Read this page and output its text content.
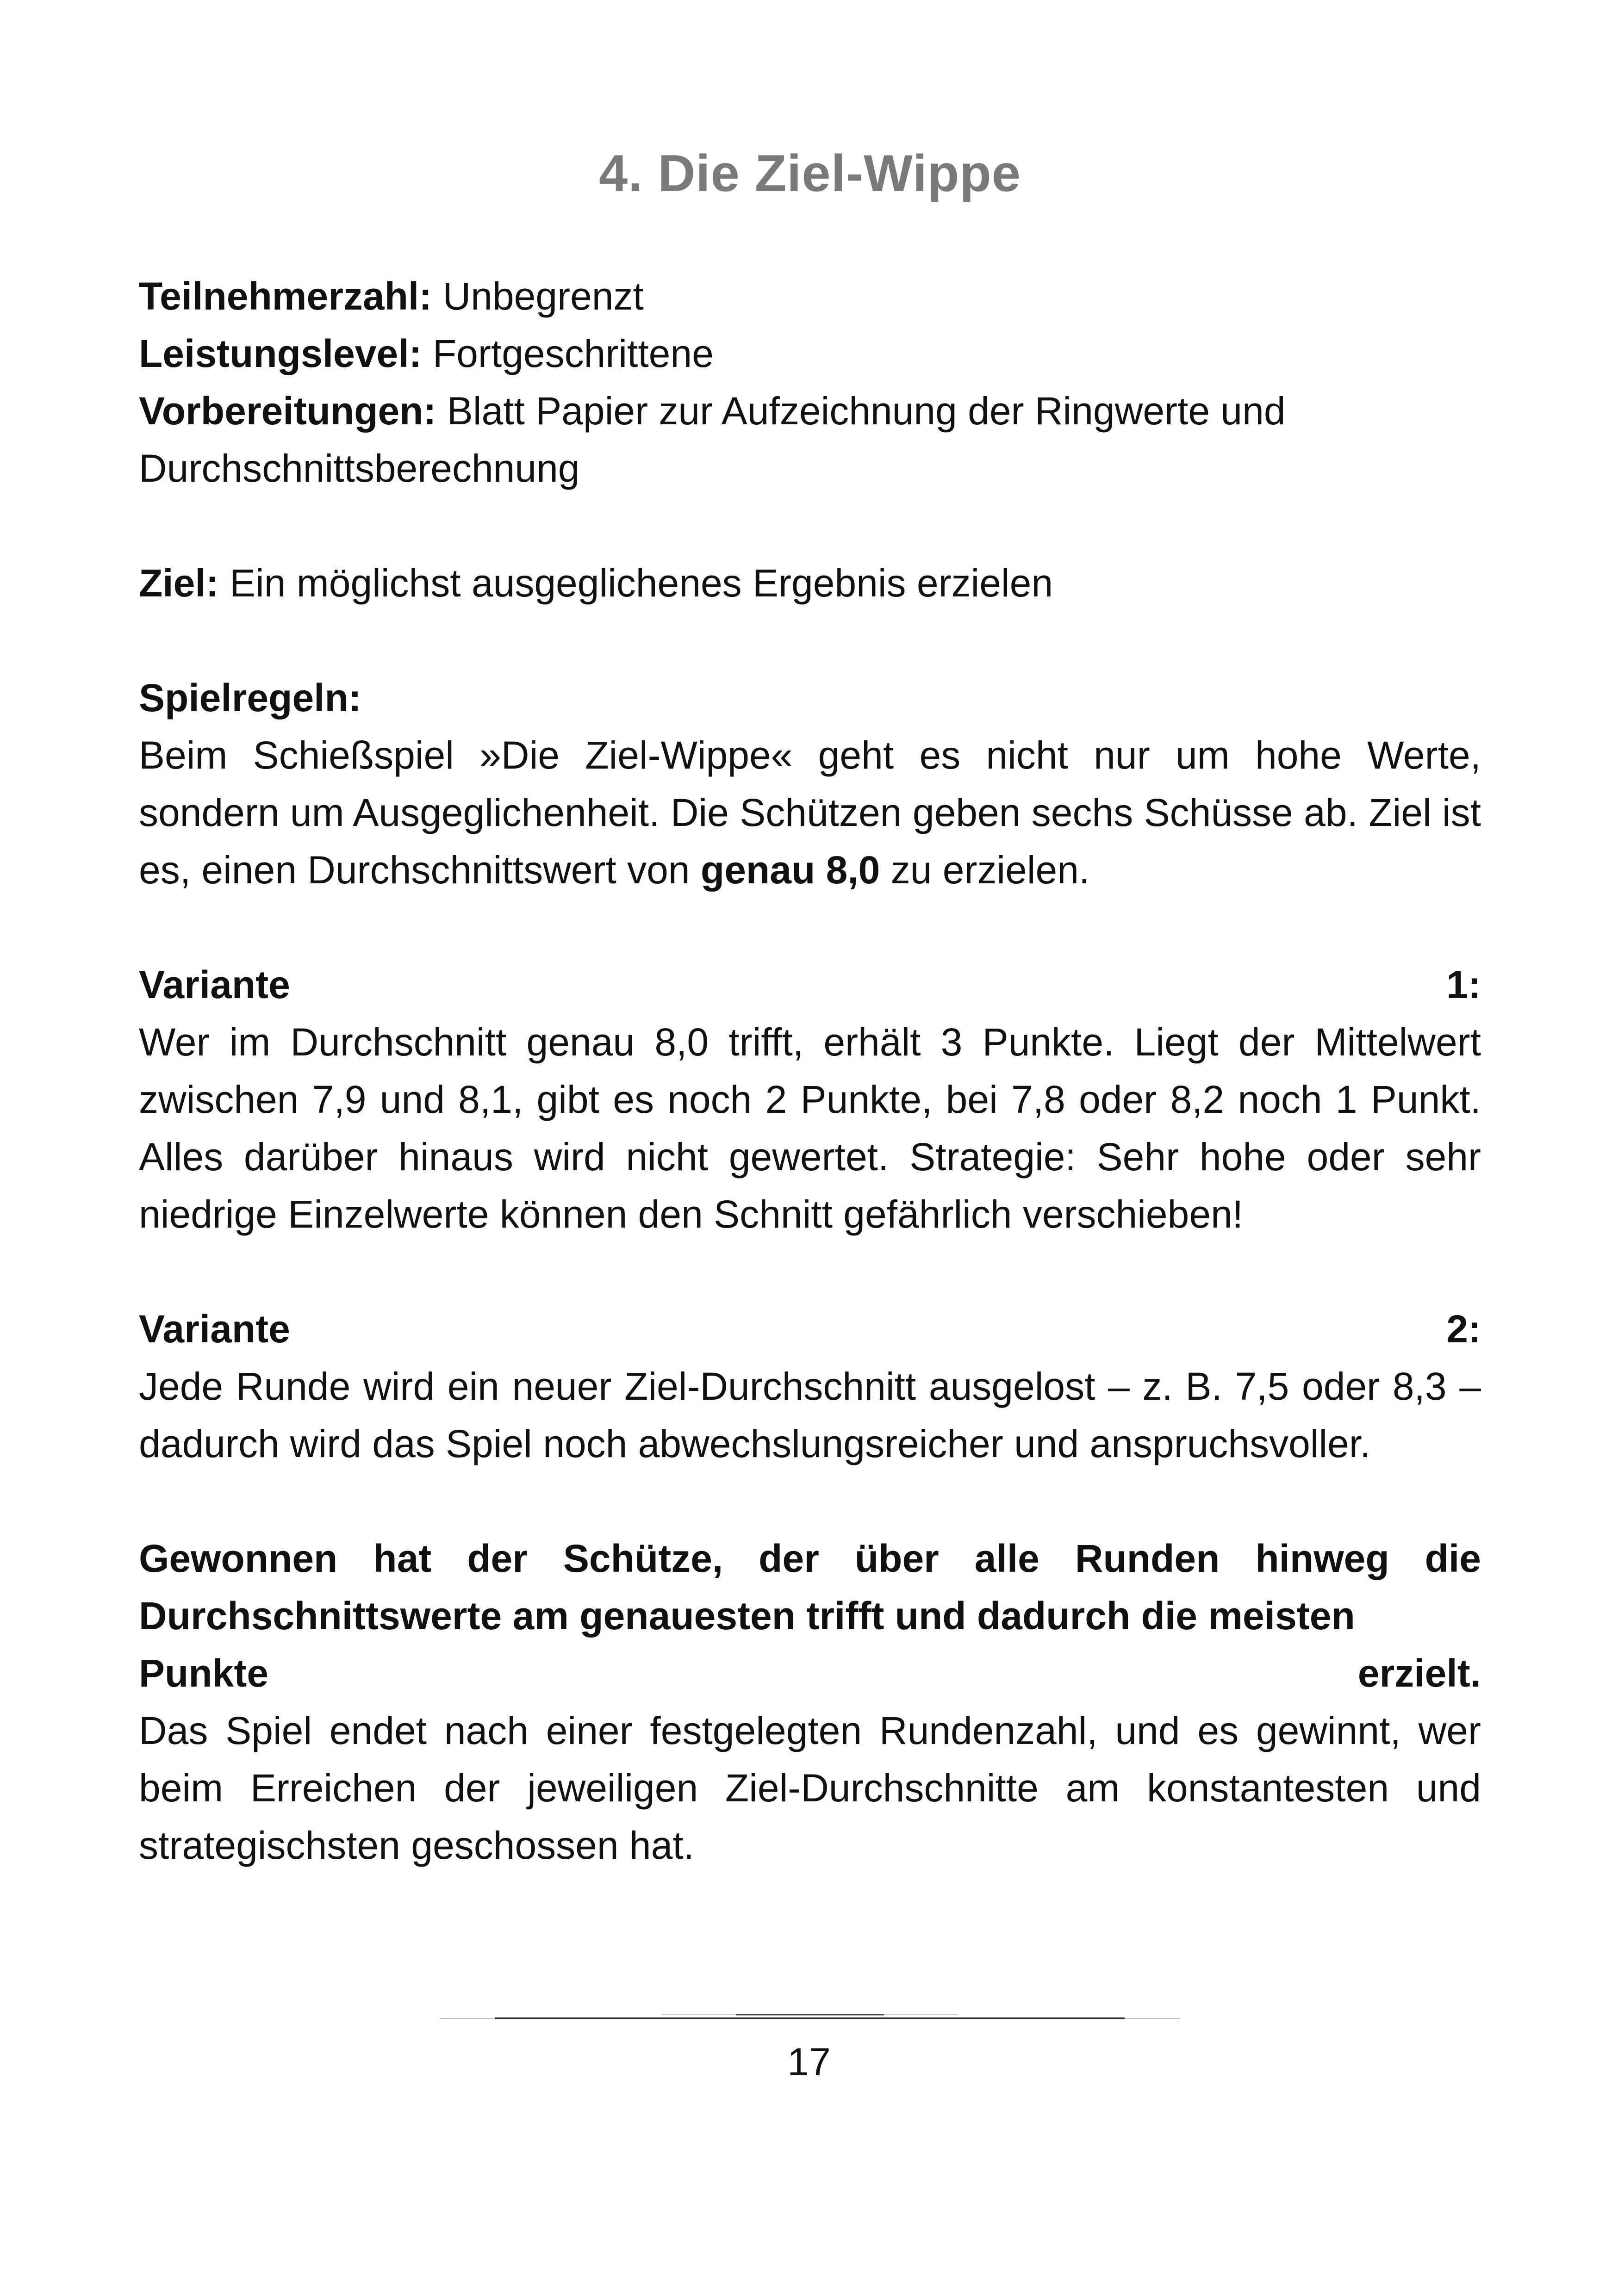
4. Die Ziel-Wippe

Teilnehmerzahl: Unbegrenzt

Leistungslevel: Fortgeschrittene

Vorbereitungen: Blatt Papier zur Aufzeichnung der Ringwerte und Durchschnittsberechnung

Ziel: Ein möglichst ausgeglichenes Ergebnis erzielen

Spielregeln:

Beim Schießspiel »Die Ziel-Wippe« geht es nicht nur um hohe Werte, sondern um Ausgeglichenheit. Die Schützen geben sechs Schüsse ab. Ziel ist es, einen Durchschnittswert von genau 8,0 zu erzielen.

Variante	1:

Wer im Durchschnitt genau 8,0 trifft, erhält 3 Punkte. Liegt der Mittelwert zwischen 7,9 und 8,1, gibt es noch 2 Punkte, bei 7,8 oder 8,2 noch 1 Punkt. Alles darüber hinaus wird nicht gewertet. Strategie: Sehr hohe oder sehr niedrige Einzelwerte können den Schnitt gefährlich verschieben!

Variante	2:

Jede Runde wird ein neuer Ziel-Durchschnitt ausgelost – z. B. 7,5 oder 8,3 – dadurch wird das Spiel noch abwechslungsreicher und anspruchsvoller.

Gewonnen hat der Schütze, der über alle Runden hinweg die Durchschnittswerte am genauesten trifft und dadurch die meisten

Punkte	erzielt.

Das Spiel endet nach einer festgelegten Rundenzahl, und es gewinnt, wer beim Erreichen der jeweiligen Ziel-Durchschnitte am konstantesten und strategischsten geschossen hat.

17
